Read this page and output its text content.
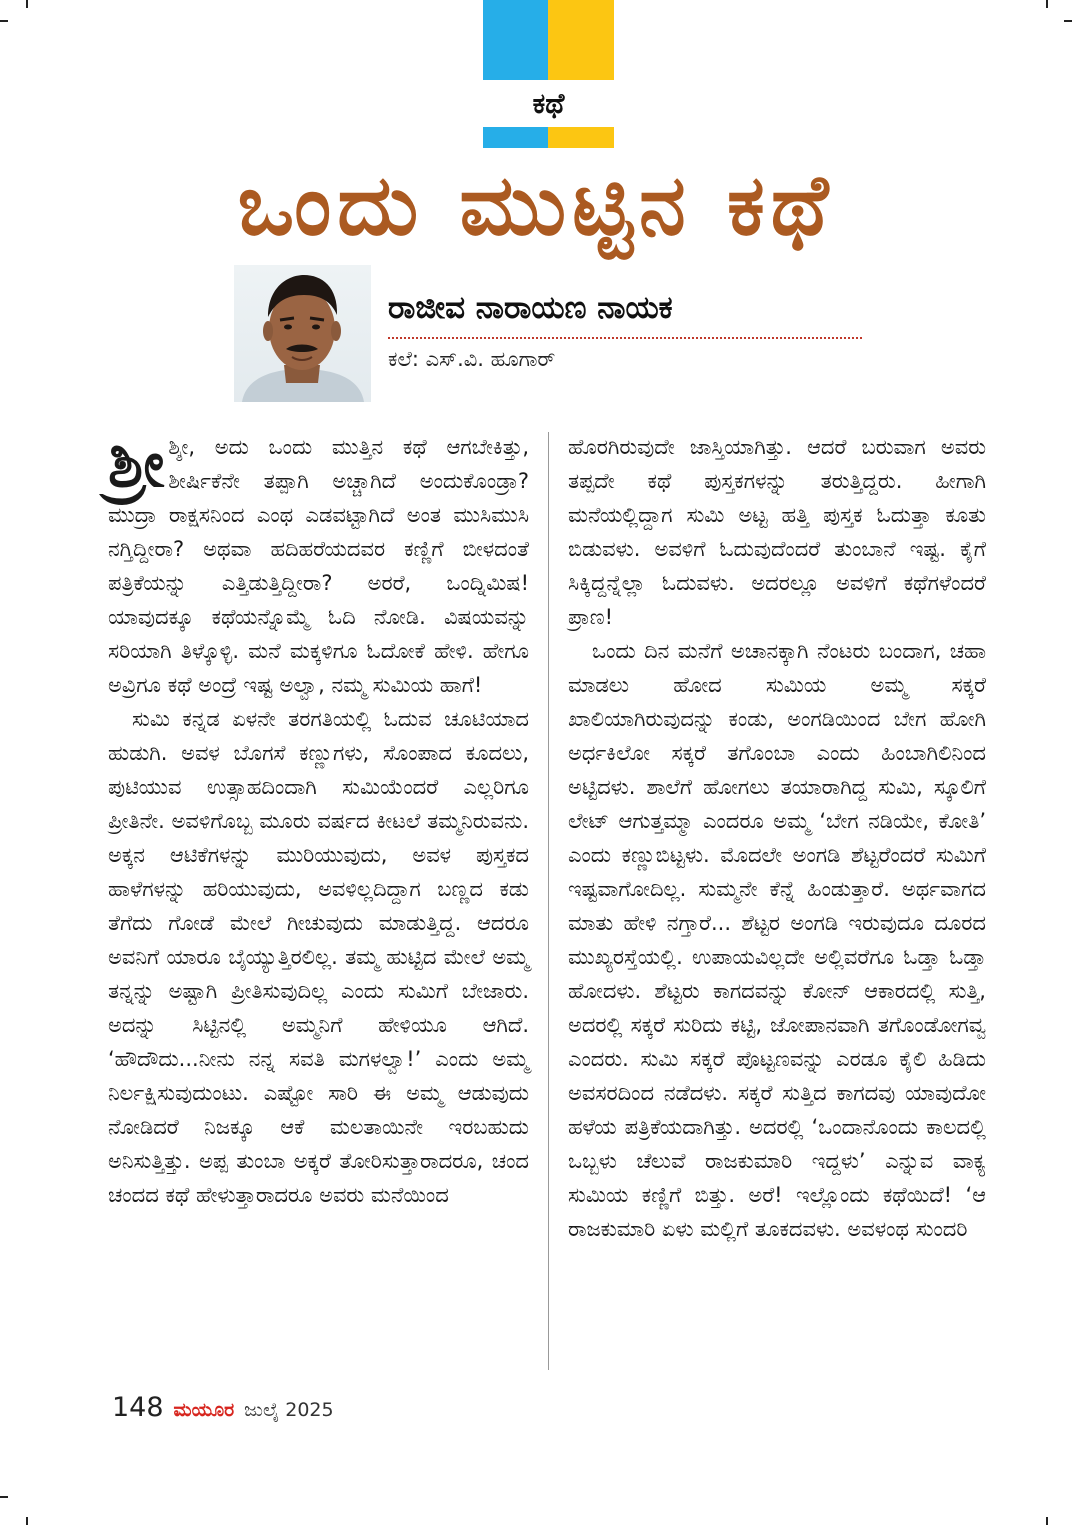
ಕಥೆ
ಒಂದು ಮುಟ್ಟಿನ ಕಥೆ
ರಾಜೀವ ನಾರಾಯಣ ನಾಯಕ
ಕಲೆ: ಎಸ್.ವಿ. ಹೂಗಾರ್

ಶ್ರೀ ಶ್ಶೀ, ಅದು ಒಂದು ಮುತ್ತಿನ ಕಥೆ ಆಗಬೇಕಿತ್ತು, ಶೀರ್ಷಿಕೆನೇ ತಪ್ಪಾಗಿ ಅಚ್ಚಾಗಿದೆ ಅಂದುಕೊಂಡ್ರಾ? ಮುದ್ರಾ ರಾಕ್ಷಸನಿಂದ ಎಂಥ ಎಡವಟ್ಟಾಗಿದೆ ಅಂತ ಮುಸಿಮುಸಿ ನಗ್ತಿದ್ದೀರಾ? ಅಥವಾ ಹದಿಹರೆಯದವರ ಕಣ್ಣಿಗೆ ಬೀಳದಂತೆ ಪತ್ರಿಕೆಯನ್ನು ಎತ್ತಿಡುತ್ತಿದ್ದೀರಾ? ಅರರೆ, ಒಂದ್ನಿಮಿಷ! ಯಾವುದಕ್ಕೂ ಕಥೆಯನ್ನೊಮ್ಮೆ ಓದಿ ನೋಡಿ. ವಿಷಯವನ್ನು ಸರಿಯಾಗಿ ತಿಳ್ಕೊಳ್ಳಿ. ಮನೆ ಮಕ್ಕಳಿಗೂ ಓದೋಕೆ ಹೇಳಿ. ಹೇಗೂ ಅವ್ರಿಗೂ ಕಥೆ ಅಂದ್ರೆ ಇಷ್ಟ ಅಲ್ವಾ, ನಮ್ಮ ಸುಮಿಯ ಹಾಗೆ!

ಸುಮಿ ಕನ್ನಡ ಏಳನೇ ತರಗತಿಯಲ್ಲಿ ಓದುವ ಚೂಟಿಯಾದ ಹುಡುಗಿ. ಅವಳ ಬೊಗಸೆ ಕಣ್ಣುಗಳು, ಸೊಂಪಾದ ಕೂದಲು, ಪುಟಿಯುವ ಉತ್ಸಾಹದಿಂದಾಗಿ ಸುಮಿಯೆಂದರೆ ಎಲ್ಲರಿಗೂ ಪ್ರೀತಿನೇ. ಅವಳಿಗೊಬ್ಬ ಮೂರು ವರ್ಷದ ಕೀಟಲೆ ತಮ್ಮನಿರುವನು. ಅಕ್ಕನ ಆಟಿಕೆಗಳನ್ನು ಮುರಿಯುವುದು, ಅವಳ ಪುಸ್ತಕದ ಹಾಳೆಗಳನ್ನು ಹರಿಯುವುದು, ಅವಳಿಲ್ಲದಿದ್ದಾಗ ಬಣ್ಣದ ಕಡು ತೆಗೆದು ಗೋಡೆ ಮೇಲೆ ಗೀಚುವುದು ಮಾಡುತ್ತಿದ್ದ. ಆದರೂ ಅವನಿಗೆ ಯಾರೂ ಬೈಯ್ಯುತ್ತಿರಲಿಲ್ಲ. ತಮ್ಮ ಹುಟ್ಟಿದ ಮೇಲೆ ಅಮ್ಮ ತನ್ನನ್ನು ಅಷ್ಟಾಗಿ ಪ್ರೀತಿಸುವುದಿಲ್ಲ ಎಂದು ಸುಮಿಗೆ ಬೇಜಾರು. ಅದನ್ನು ಸಿಟ್ಟಿನಲ್ಲಿ ಅಮ್ಮನಿಗೆ ಹೇಳಿಯೂ ಆಗಿದೆ. ‘ಹೌದೌದು...ನೀನು ನನ್ನ ಸವತಿ ಮಗಳಲ್ವಾ!’ ಎಂದು ಅಮ್ಮ ನಿರ್ಲಕ್ಷಿಸುವುದುಂಟು. ಎಷ್ಟೋ ಸಾರಿ ಈ ಅಮ್ಮ ಆಡುವುದು ನೋಡಿದರೆ ನಿಜಕ್ಕೂ ಆಕೆ ಮಲತಾಯಿನೇ ಇರಬಹುದು ಅನಿಸುತ್ತಿತ್ತು. ಅಪ್ಪ ತುಂಬಾ ಅಕ್ಕರೆ ತೋರಿಸುತ್ತಾರಾದರೂ, ಚಂದ ಚಂದದ ಕಥೆ ಹೇಳುತ್ತಾರಾದರೂ ಅವರು ಮನೆಯಿಂದ

ಹೊರಗಿರುವುದೇ ಜಾಸ್ತಿಯಾಗಿತ್ತು. ಆದರೆ ಬರುವಾಗ ಅವರು ತಪ್ಪದೇ ಕಥೆ ಪುಸ್ತಕಗಳನ್ನು ತರುತ್ತಿದ್ದರು. ಹೀಗಾಗಿ ಮನೆಯಲ್ಲಿದ್ದಾಗ ಸುಮಿ ಅಟ್ಟ ಹತ್ತಿ ಪುಸ್ತಕ ಓದುತ್ತಾ ಕೂತು ಬಿಡುವಳು. ಅವಳಿಗೆ ಓದುವುದೆಂದರೆ ತುಂಬಾನೆ ಇಷ್ಟ. ಕೈಗೆ ಸಿಕ್ಕಿದ್ದನ್ನೆಲ್ಲಾ ಓದುವಳು. ಅದರಲ್ಲೂ ಅವಳಿಗೆ ಕಥೆಗಳೆಂದರೆ ಪ್ರಾಣ!

ಒಂದು ದಿನ ಮನೆಗೆ ಅಚಾನಕ್ಕಾಗಿ ನೆಂಟರು ಬಂದಾಗ, ಚಹಾ ಮಾಡಲು ಹೋದ ಸುಮಿಯ ಅಮ್ಮ ಸಕ್ಕರೆ ಖಾಲಿಯಾಗಿರುವುದನ್ನು ಕಂಡು, ಅಂಗಡಿಯಿಂದ ಬೇಗ ಹೋಗಿ ಅರ್ಧಕಿಲೋ ಸಕ್ಕರೆ ತಗೊಂಬಾ ಎಂದು ಹಿಂಬಾಗಿಲಿನಿಂದ ಅಟ್ಟಿದಳು. ಶಾಲೆಗೆ ಹೋಗಲು ತಯಾರಾಗಿದ್ದ ಸುಮಿ, ಸ್ಕೂಲಿಗೆ ಲೇಟ್ ಆಗುತ್ತಮ್ಮಾ ಎಂದರೂ ಅಮ್ಮ ‘ಬೇಗ ನಡಿಯೇ, ಕೋತಿ’ ಎಂದು ಕಣ್ಣುಬಿಟ್ಟಳು. ಮೊದಲೇ ಅಂಗಡಿ ಶೆಟ್ಟರೆಂದರೆ ಸುಮಿಗೆ ಇಷ್ಟವಾಗೋದಿಲ್ಲ. ಸುಮ್ಮನೇ ಕೆನ್ನೆ ಹಿಂಡುತ್ತಾರೆ. ಅರ್ಥವಾಗದ ಮಾತು ಹೇಳಿ ನಗ್ತಾರೆ... ಶೆಟ್ಟರ ಅಂಗಡಿ ಇರುವುದೂ ದೂರದ ಮುಖ್ಯರಸ್ತೆಯಲ್ಲಿ. ಉಪಾಯವಿಲ್ಲದೇ ಅಲ್ಲಿವರೆಗೂ ಓಡ್ತಾ ಓಡ್ತಾ ಹೋದಳು. ಶೆಟ್ಟರು ಕಾಗದವನ್ನು ಕೋನ್ ಆಕಾರದಲ್ಲಿ ಸುತ್ತಿ, ಅದರಲ್ಲಿ ಸಕ್ಕರೆ ಸುರಿದು ಕಟ್ಟಿ, ಜೋಪಾನವಾಗಿ ತಗೊಂಡೋಗವ್ವ ಎಂದರು. ಸುಮಿ ಸಕ್ಕರೆ ಪೊಟ್ಟಣವನ್ನು ಎರಡೂ ಕೈಲಿ ಹಿಡಿದು ಅವಸರದಿಂದ ನಡೆದಳು. ಸಕ್ಕರೆ ಸುತ್ತಿದ ಕಾಗದವು ಯಾವುದೋ ಹಳೆಯ ಪತ್ರಿಕೆಯದಾಗಿತ್ತು. ಅದರಲ್ಲಿ ‘ಒಂದಾನೊಂದು ಕಾಲದಲ್ಲಿ ಒಬ್ಬಳು ಚೆಲುವೆ ರಾಜಕುಮಾರಿ ಇದ್ದಳು’ ಎನ್ನುವ ವಾಕ್ಯ ಸುಮಿಯ ಕಣ್ಣಿಗೆ ಬಿತ್ತು. ಅರೆ! ಇಲ್ಲೊಂದು ಕಥೆಯಿದೆ! ‘ಆ ರಾಜಕುಮಾರಿ ಏಳು ಮಲ್ಲಿಗೆ ತೂಕದವಳು. ಅವಳಂಥ ಸುಂದರಿ

148 ಮಯೂರ ಜುಲೈ 2025
